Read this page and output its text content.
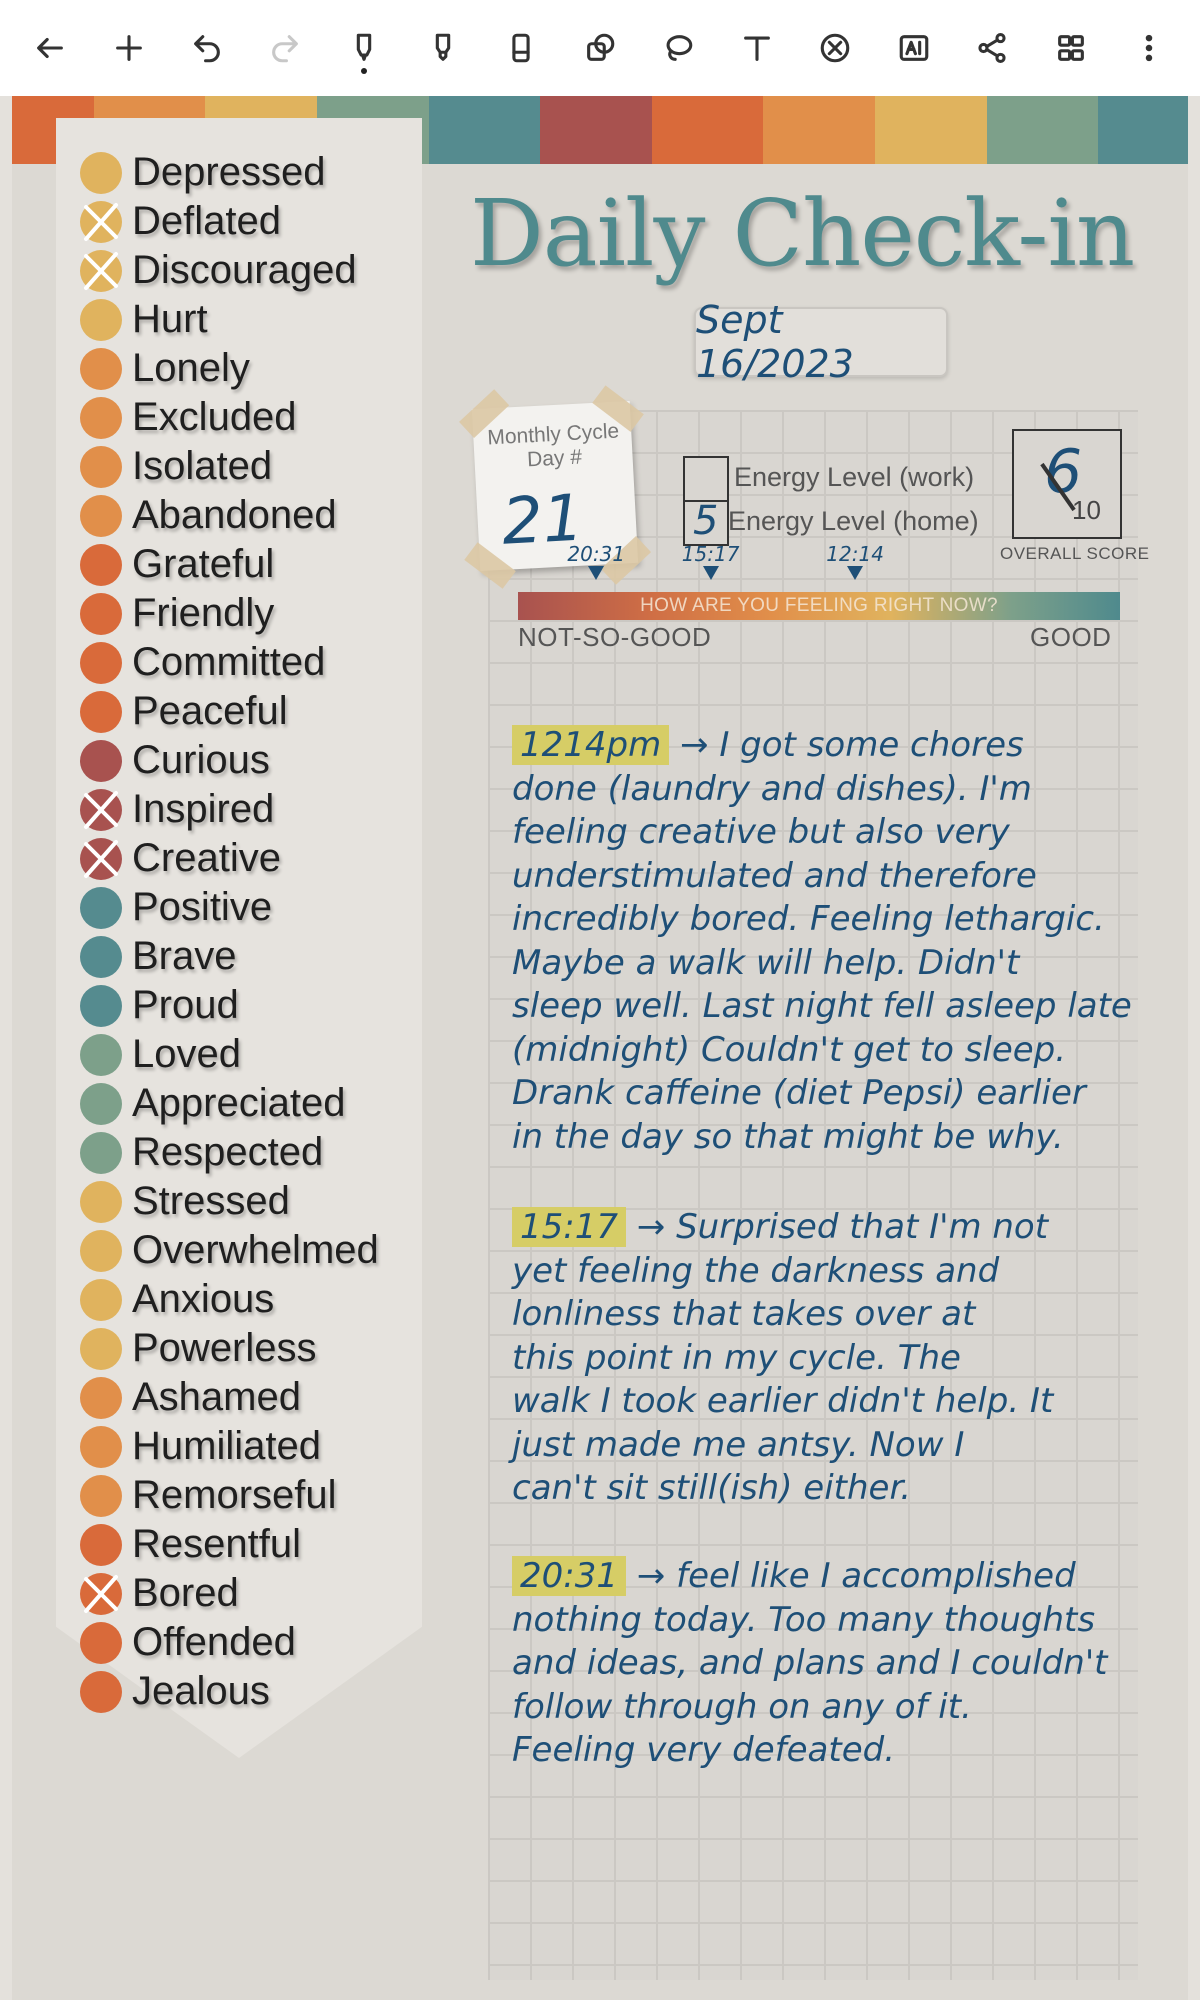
Depressed
Deflated
Discouraged
Hurt
Lonely
Excluded
Isolated
Abandoned
Grateful
Friendly
Committed
Peaceful
Curious
Inspired
Creative
Positive
Brave
Proud
Loved
Appreciated
Respected
Stressed
Overwhelmed
Anxious
Powerless
Ashamed
Humiliated
Remorseful
Resentful
Bored
Offended
Jealous
Daily Check-in
Sept 16/2023
Monthly Cycle Day #
21
Energy Level (work)
5 Energy Level (home)
6
10
OVERALL SCORE
20:31	15:17	12:14
HOW ARE YOU FEELING RIGHT NOW?
NOT-SO-GOOD	GOOD
1214pm → I got some chores
done (laundry and dishes). I'm
feeling creative but also very
understimulated and therefore
incredibly bored. Feeling lethargic.
Maybe a walk will help. Didn't
sleep well. Last night fell asleep late
(midnight) Couldn't get to sleep.
Drank caffeine (diet Pepsi) earlier
in the day so that might be why.
15:17 → Surprised that I'm not
yet feeling the darkness and
lonliness that takes over at
this point in my cycle. The
walk I took earlier didn't help. It
just made me antsy. Now I
can't sit still(ish) either.
20:31 → feel like I accomplished
nothing today. Too many thoughts
and ideas, and plans and I couldn't
follow through on any of it.
Feeling very defeated.
